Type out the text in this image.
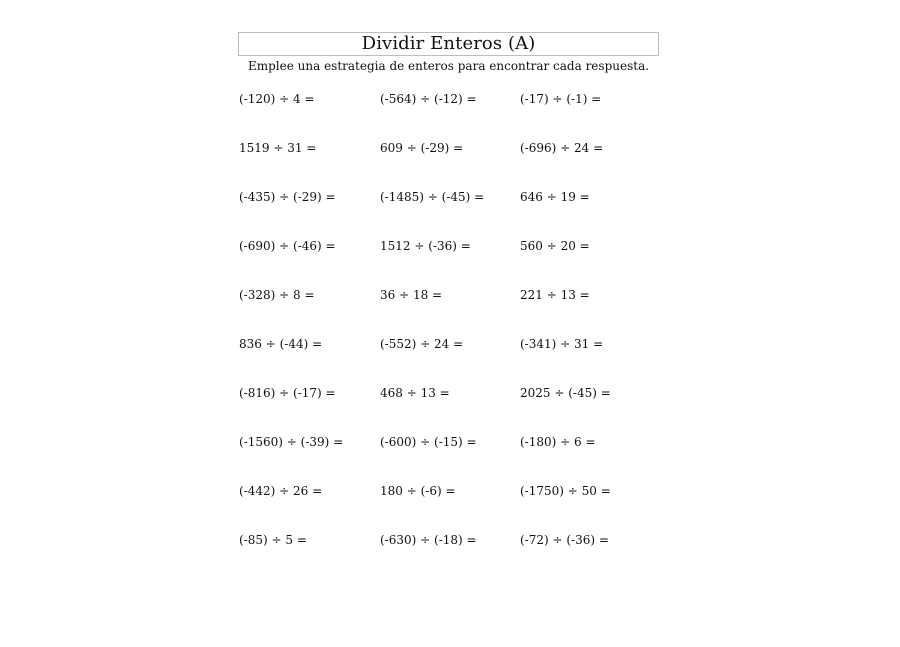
Dividir Enteros (A)

Emplee una estrategia de enteros para encontrar cada respuesta.

(-120) ÷ 4 =	(-564) ÷ (-12) =	(-17) ÷ (-1) =
1519 ÷ 31 =	609 ÷ (-29) =	(-696) ÷ 24 =
(-435) ÷ (-29) =	(-1485) ÷ (-45) =	646 ÷ 19 =
(-690) ÷ (-46) =	1512 ÷ (-36) =	560 ÷ 20 =
(-328) ÷ 8 =	36 ÷ 18 =	221 ÷ 13 =
836 ÷ (-44) =	(-552) ÷ 24 =	(-341) ÷ 31 =
(-816) ÷ (-17) =	468 ÷ 13 =	2025 ÷ (-45) =
(-1560) ÷ (-39) =	(-600) ÷ (-15) =	(-180) ÷ 6 =
(-442) ÷ 26 =	180 ÷ (-6) =	(-1750) ÷ 50 =
(-85) ÷ 5 =	(-630) ÷ (-18) =	(-72) ÷ (-36) =
